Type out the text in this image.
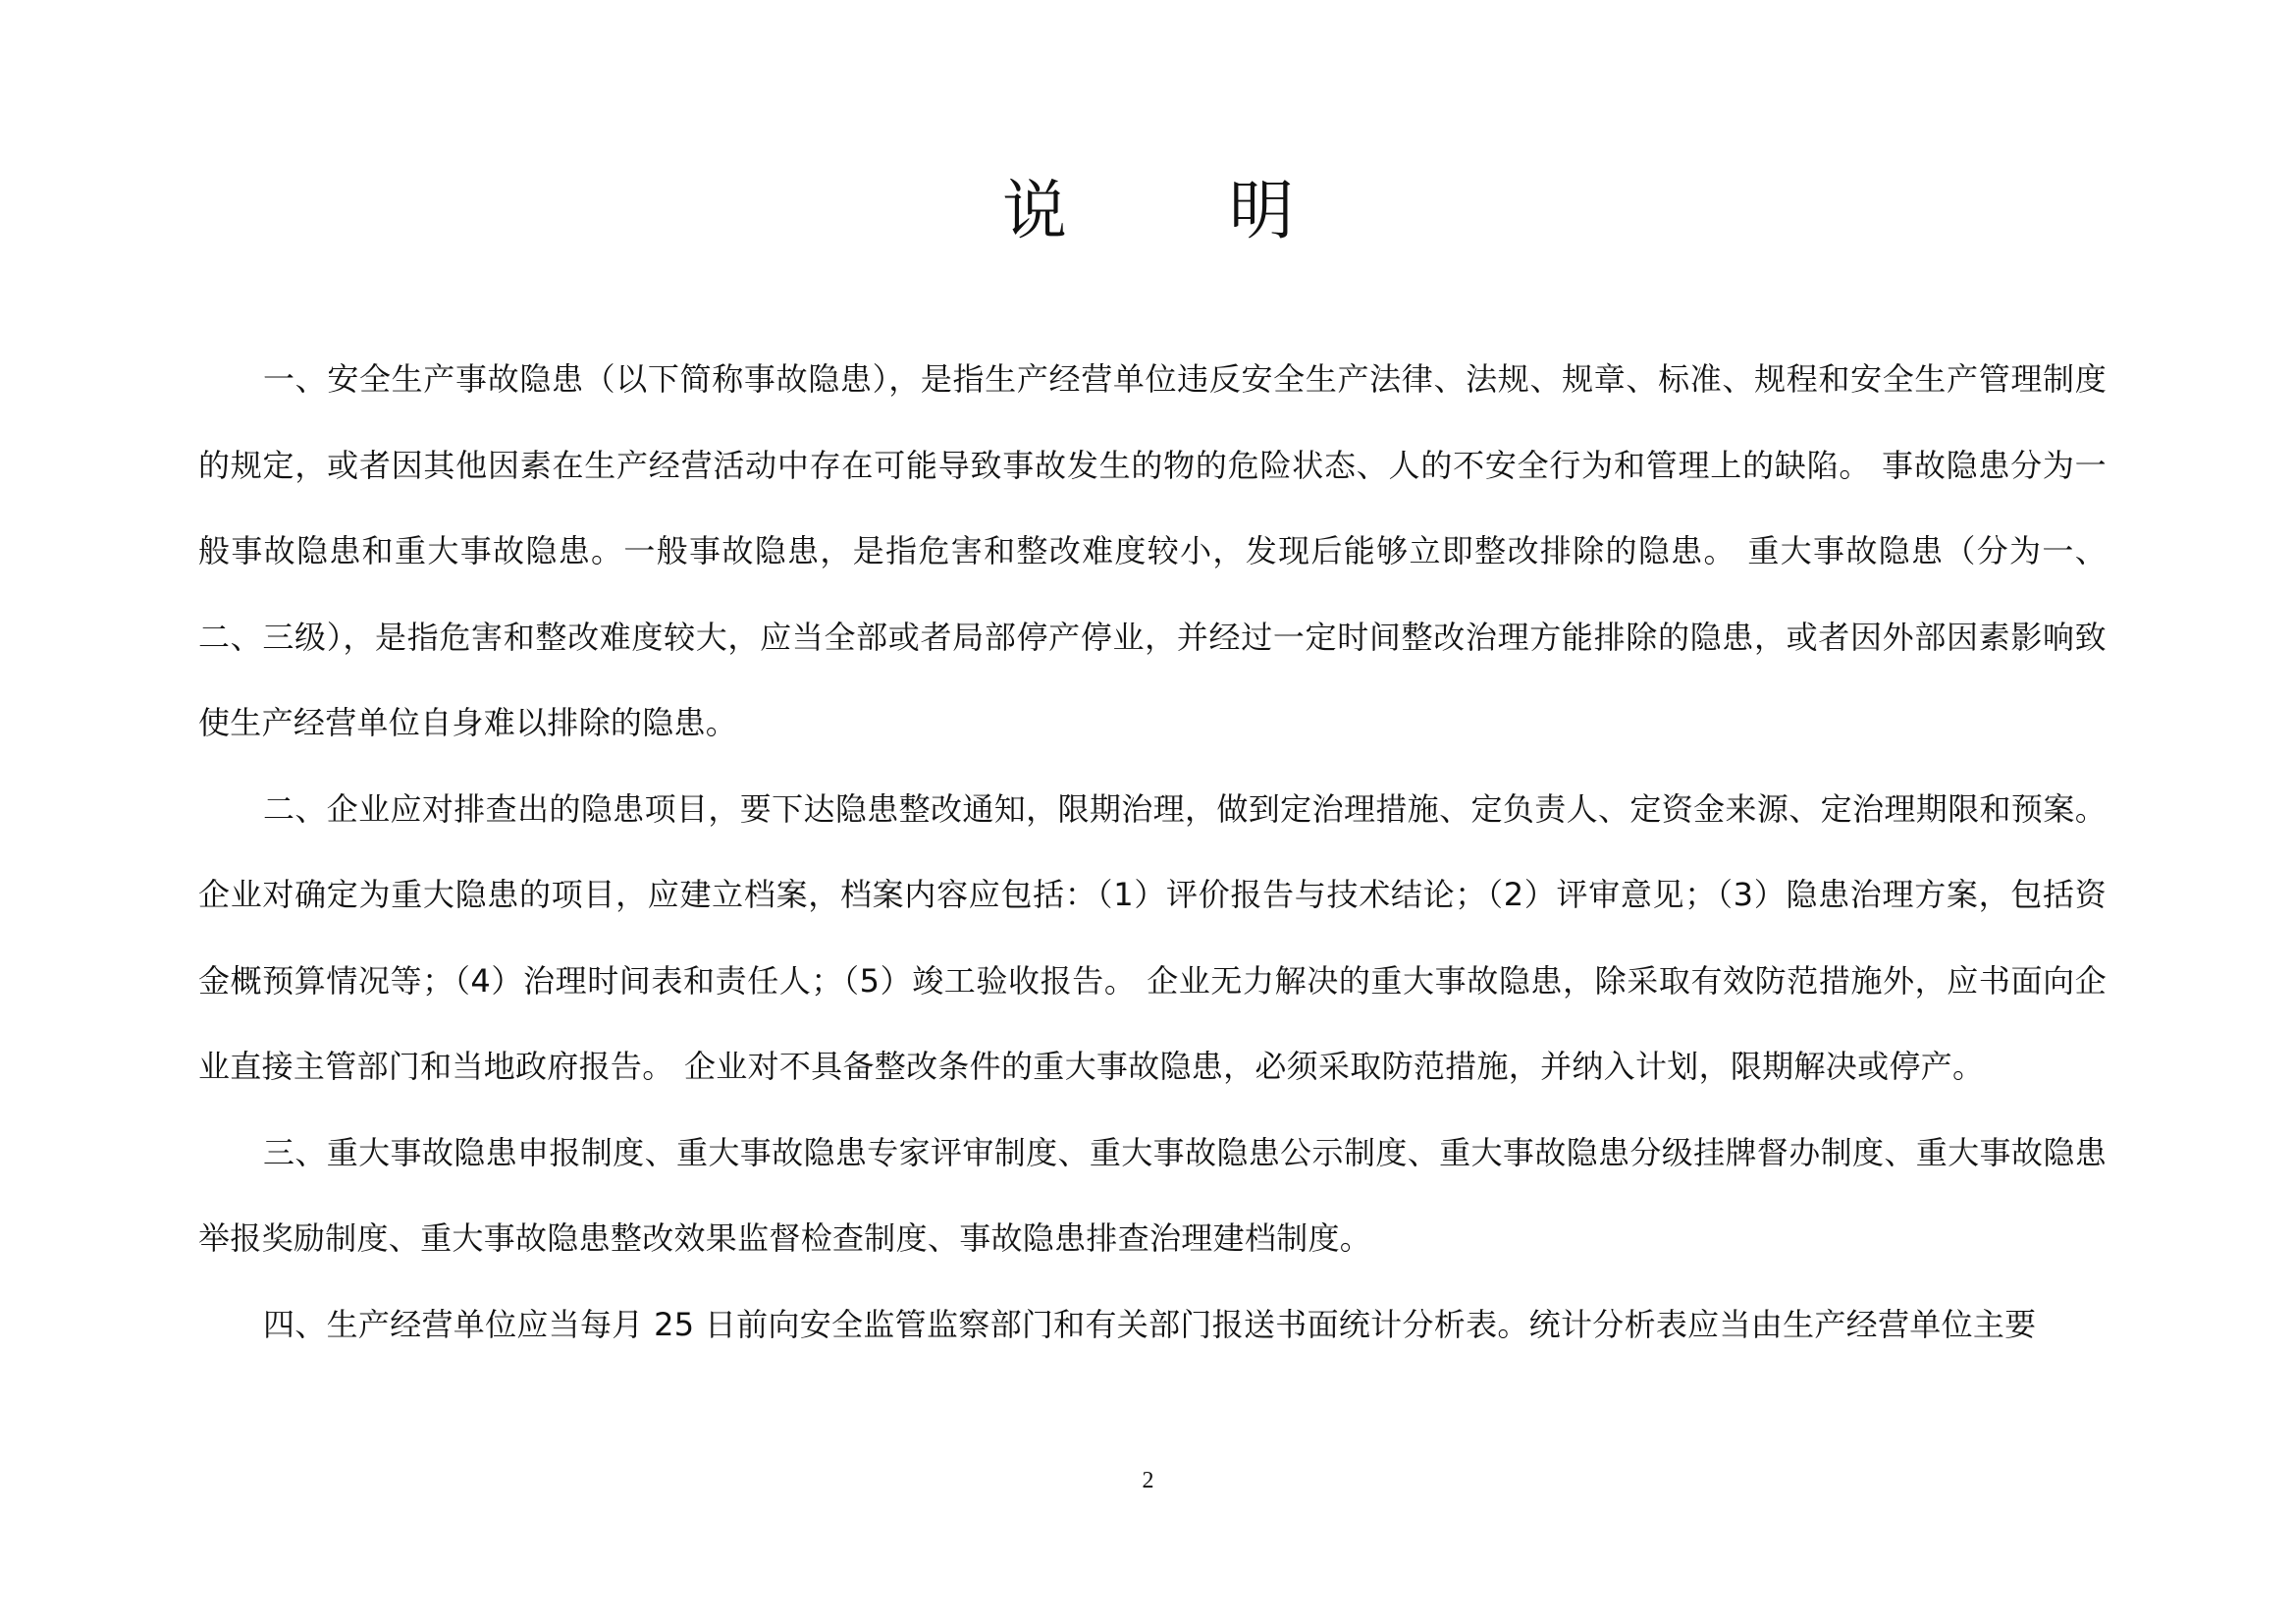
说 明

一、安全生产事故隐患（以下简称事故隐患），是指生产经营单位违反安全生产法律、法规、规章、标准、规程和安全生产管理制度的规定，或者因其他因素在生产经营活动中存在可能导致事故发生的物的危险状态、人的不安全行为和管理上的缺陷。 事故隐患分为一般事故隐患和重大事故隐患。一般事故隐患，是指危害和整改难度较小，发现后能够立即整改排除的隐患。 重大事故隐患（分为一、二、三级），是指危害和整改难度较大，应当全部或者局部停产停业，并经过一定时间整改治理方能排除的隐患，或者因外部因素影响致使生产经营单位自身难以排除的隐患。

二、企业应对排查出的隐患项目，要下达隐患整改通知，限期治理，做到定治理措施、定负责人、定资金来源、定治理期限和预案。 企业对确定为重大隐患的项目，应建立档案，档案内容应包括：（1）评价报告与技术结论；（2）评审意见；（3）隐患治理方案，包括资金概预算情况等；（4）治理时间表和责任人；（5）竣工验收报告。 企业无力解决的重大事故隐患，除采取有效防范措施外，应书面向企业直接主管部门和当地政府报告。 企业对不具备整改条件的重大事故隐患，必须采取防范措施，并纳入计划，限期解决或停产。

三、重大事故隐患申报制度、重大事故隐患专家评审制度、重大事故隐患公示制度、重大事故隐患分级挂牌督办制度、重大事故隐患举报奖励制度、重大事故隐患整改效果监督检查制度、事故隐患排查治理建档制度。

四、生产经营单位应当每月 25 日前向安全监管监察部门和有关部门报送书面统计分析表。统计分析表应当由生产经营单位主要

2
